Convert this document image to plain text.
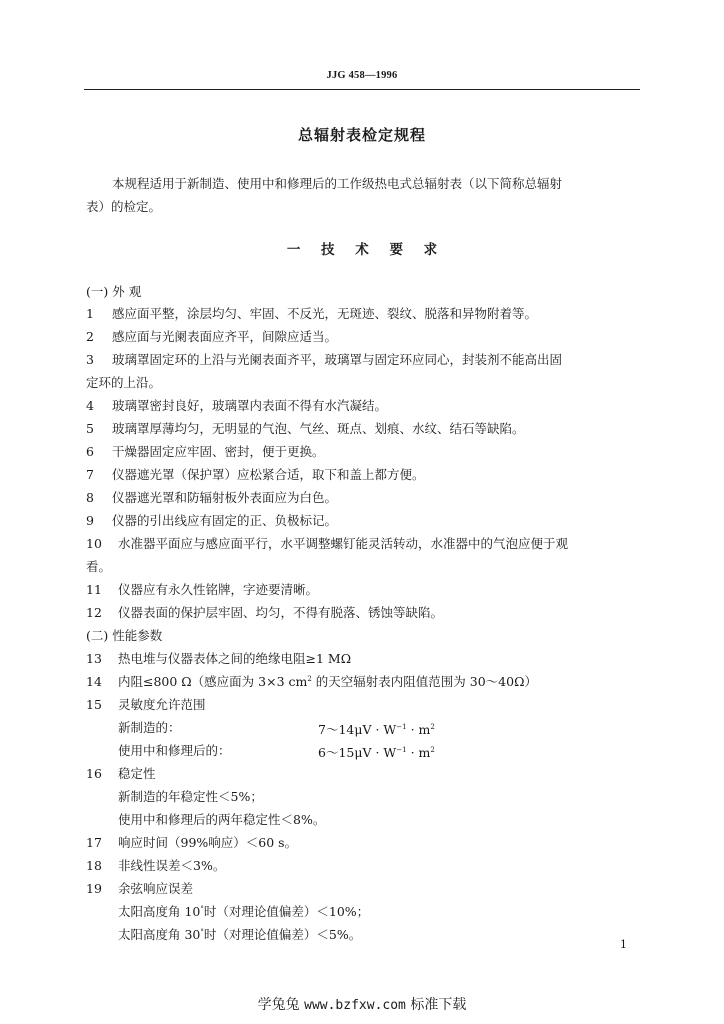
JJG 458—1996
总辐射表检定规程
本规程适用于新制造、使用中和修理后的工作级热电式总辐射表（以下简称总辐射
表）的检定。
一 技 术 要 求
(一) 外 观
1 感应面平整，涂层均匀、牢固、不反光，无斑迹、裂纹、脱落和异物附着等。
2 感应面与光阑表面应齐平，间隙应适当。
3 玻璃罩固定环的上沿与光阑表面齐平，玻璃罩与固定环应同心，封装剂不能高出固
定环的上沿。
4 玻璃罩密封良好，玻璃罩内表面不得有水汽凝结。
5 玻璃罩厚薄均匀，无明显的气泡、气丝、斑点、划痕、水纹、结石等缺陷。
6 干燥器固定应牢固、密封，便于更换。
7 仪器遮光罩（保护罩）应松紧合适，取下和盖上都方便。
8 仪器遮光罩和防辐射板外表面应为白色。
9 仪器的引出线应有固定的正、负极标记。
10 水准器平面应与感应面平行，水平调整螺钉能灵活转动，水准器中的气泡应便于观
看。
11 仪器应有永久性铭牌，字迹要清晰。
12 仪器表面的保护层牢固、均匀，不得有脱落、锈蚀等缺陷。
(二) 性能参数
13 热电堆与仪器表体之间的绝缘电阻≥1 MΩ
14 内阻≤800 Ω（感应面为 3×3 $cm^2$ 的天空辐射表内阻值范围为 30～40Ω）
15 灵敏度允许范围
新制造的：	7～14μV · $W^{-1} \cdot m^2$
使用中和修理后的：	6～15μV · $W^{-1} \cdot m^2$
16 稳定性
新制造的年稳定性＜5%；
使用中和修理后的两年稳定性＜8%。
17 响应时间（99%响应）＜60 s。
18 非线性误差＜3%。
19 余弦响应误差
太阳高度角 10°时（对理论值偏差）＜10%；
太阳高度角 30°时（对理论值偏差）＜5%。
1
学兔兔 www.bzfxw.com 标准下载
